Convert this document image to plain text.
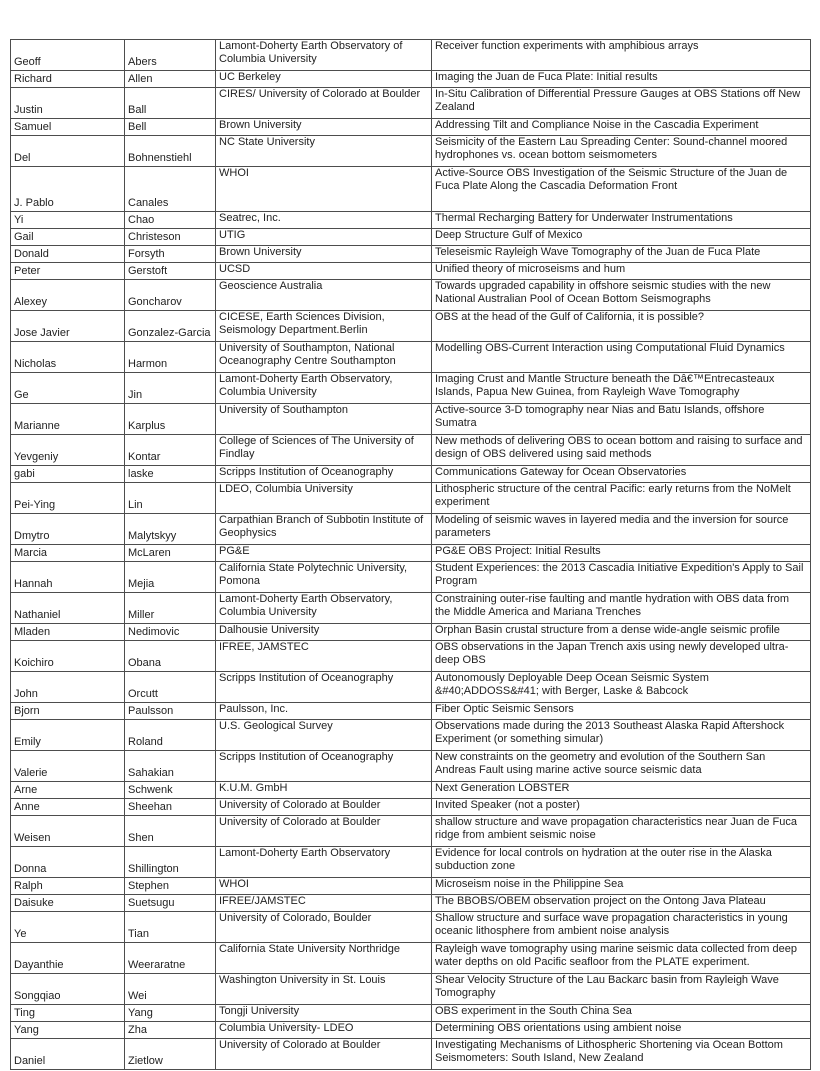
Geoff	Abers	Lamont-Doherty Earth Observatory of Columbia University	Receiver function experiments with amphibious arrays
Richard	Allen	UC Berkeley	Imaging the Juan de Fuca Plate: Initial results
Justin	Ball	CIRES/ University of Colorado at Boulder	In-Situ Calibration of Differential Pressure Gauges at OBS Stations off New Zealand
Samuel	Bell	Brown University	Addressing Tilt and Compliance Noise in the Cascadia Experiment
Del	Bohnenstiehl	NC State University	Seismicity of the Eastern Lau Spreading Center: Sound-channel moored hydrophones vs. ocean bottom seismometers
J. Pablo	Canales	WHOI	Active-Source OBS Investigation of the Seismic Structure of the Juan de Fuca Plate Along the Cascadia Deformation Front
Yi	Chao	Seatrec, Inc.	Thermal Recharging Battery for Underwater Instrumentations
Gail	Christeson	UTIG	Deep Structure Gulf of Mexico
Donald	Forsyth	Brown University	Teleseismic Rayleigh Wave Tomography of the Juan de Fuca Plate
Peter	Gerstoft	UCSD	Unified theory of microseisms and hum
Alexey	Goncharov	Geoscience Australia	Towards upgraded capability in offshore seismic studies with the new National Australian Pool of Ocean Bottom Seismographs
Jose Javier	Gonzalez-Garcia	CICESE, Earth Sciences Division, Seismology Department.Berlin	OBS at the head of the Gulf of California, it is possible?
Nicholas	Harmon	University of Southampton, National Oceanography Centre Southampton	Modelling OBS-Current Interaction using Computational Fluid Dynamics
Ge	Jin	Lamont-Doherty Earth Observatory, Columbia University	Imaging Crust and Mantle Structure beneath the Dâ€™Entrecasteaux Islands, Papua New Guinea, from Rayleigh Wave Tomography
Marianne	Karplus	University of Southampton	Active-source 3-D tomography near Nias and Batu Islands, offshore Sumatra
Yevgeniy	Kontar	College of Sciences of The University of Findlay	New methods of delivering OBS to ocean bottom and raising to surface and design of OBS delivered using said methods
gabi	laske	Scripps Institution of Oceanography	Communications Gateway for Ocean Observatories
Pei-Ying	Lin	LDEO, Columbia University	Lithospheric structure of the central Pacific: early returns from the NoMelt experiment
Dmytro	Malytskyy	Carpathian Branch of Subbotin Institute of Geophysics	Modeling of seismic waves in layered media and the inversion for source parameters
Marcia	McLaren	PG&E	PG&E OBS Project: Initial Results
Hannah	Mejia	California State Polytechnic University, Pomona	Student Experiences: the 2013 Cascadia Initiative Expedition's Apply to Sail Program
Nathaniel	Miller	Lamont-Doherty Earth Observatory, Columbia University	Constraining outer-rise faulting and mantle hydration with OBS data from the Middle America and Mariana Trenches
Mladen	Nedimovic	Dalhousie University	Orphan Basin crustal structure from a dense wide-angle seismic profile
Koichiro	Obana	IFREE, JAMSTEC	OBS observations in the Japan Trench axis using newly developed ultra-deep OBS
John	Orcutt	Scripps Institution of Oceanography	Autonomously Deployable Deep Ocean Seismic System &#40;ADDOSS&#41; with Berger, Laske & Babcock
Bjorn	Paulsson	Paulsson, Inc.	Fiber Optic Seismic Sensors
Emily	Roland	U.S. Geological Survey	Observations made during the 2013 Southeast Alaska Rapid Aftershock Experiment (or something simular)
Valerie	Sahakian	Scripps Institution of Oceanography	New constraints on the geometry and evolution of the Southern San Andreas Fault using marine active source seismic data
Arne	Schwenk	K.U.M. GmbH	Next Generation LOBSTER
Anne	Sheehan	University of Colorado at Boulder	Invited Speaker (not a poster)
Weisen	Shen	University of Colorado at Boulder	shallow structure and wave propagation characteristics near Juan de Fuca ridge from ambient seismic noise
Donna	Shillington	Lamont-Doherty Earth Observatory	Evidence for local controls on hydration at the outer rise in the Alaska subduction zone
Ralph	Stephen	WHOI	Microseism noise in the Philippine Sea
Daisuke	Suetsugu	IFREE/JAMSTEC	The BBOBS/OBEM observation project on the Ontong Java Plateau
Ye	Tian	University of Colorado, Boulder	Shallow structure and surface wave propagation characteristics in young oceanic lithosphere from ambient noise analysis
Dayanthie	Weeraratne	California State University Northridge	Rayleigh wave tomography using marine seismic data collected from deep water depths on old Pacific seafloor from the PLATE experiment.
Songqiao	Wei	Washington University in St. Louis	Shear Velocity Structure of the Lau Backarc basin from Rayleigh Wave Tomography
Ting	Yang	Tongji University	OBS experiment in the South China Sea
Yang	Zha	Columbia University- LDEO	Determining OBS orientations using ambient noise
Daniel	Zietlow	University of Colorado at Boulder	Investigating Mechanisms of Lithospheric Shortening via Ocean Bottom Seismometers: South Island, New Zealand
